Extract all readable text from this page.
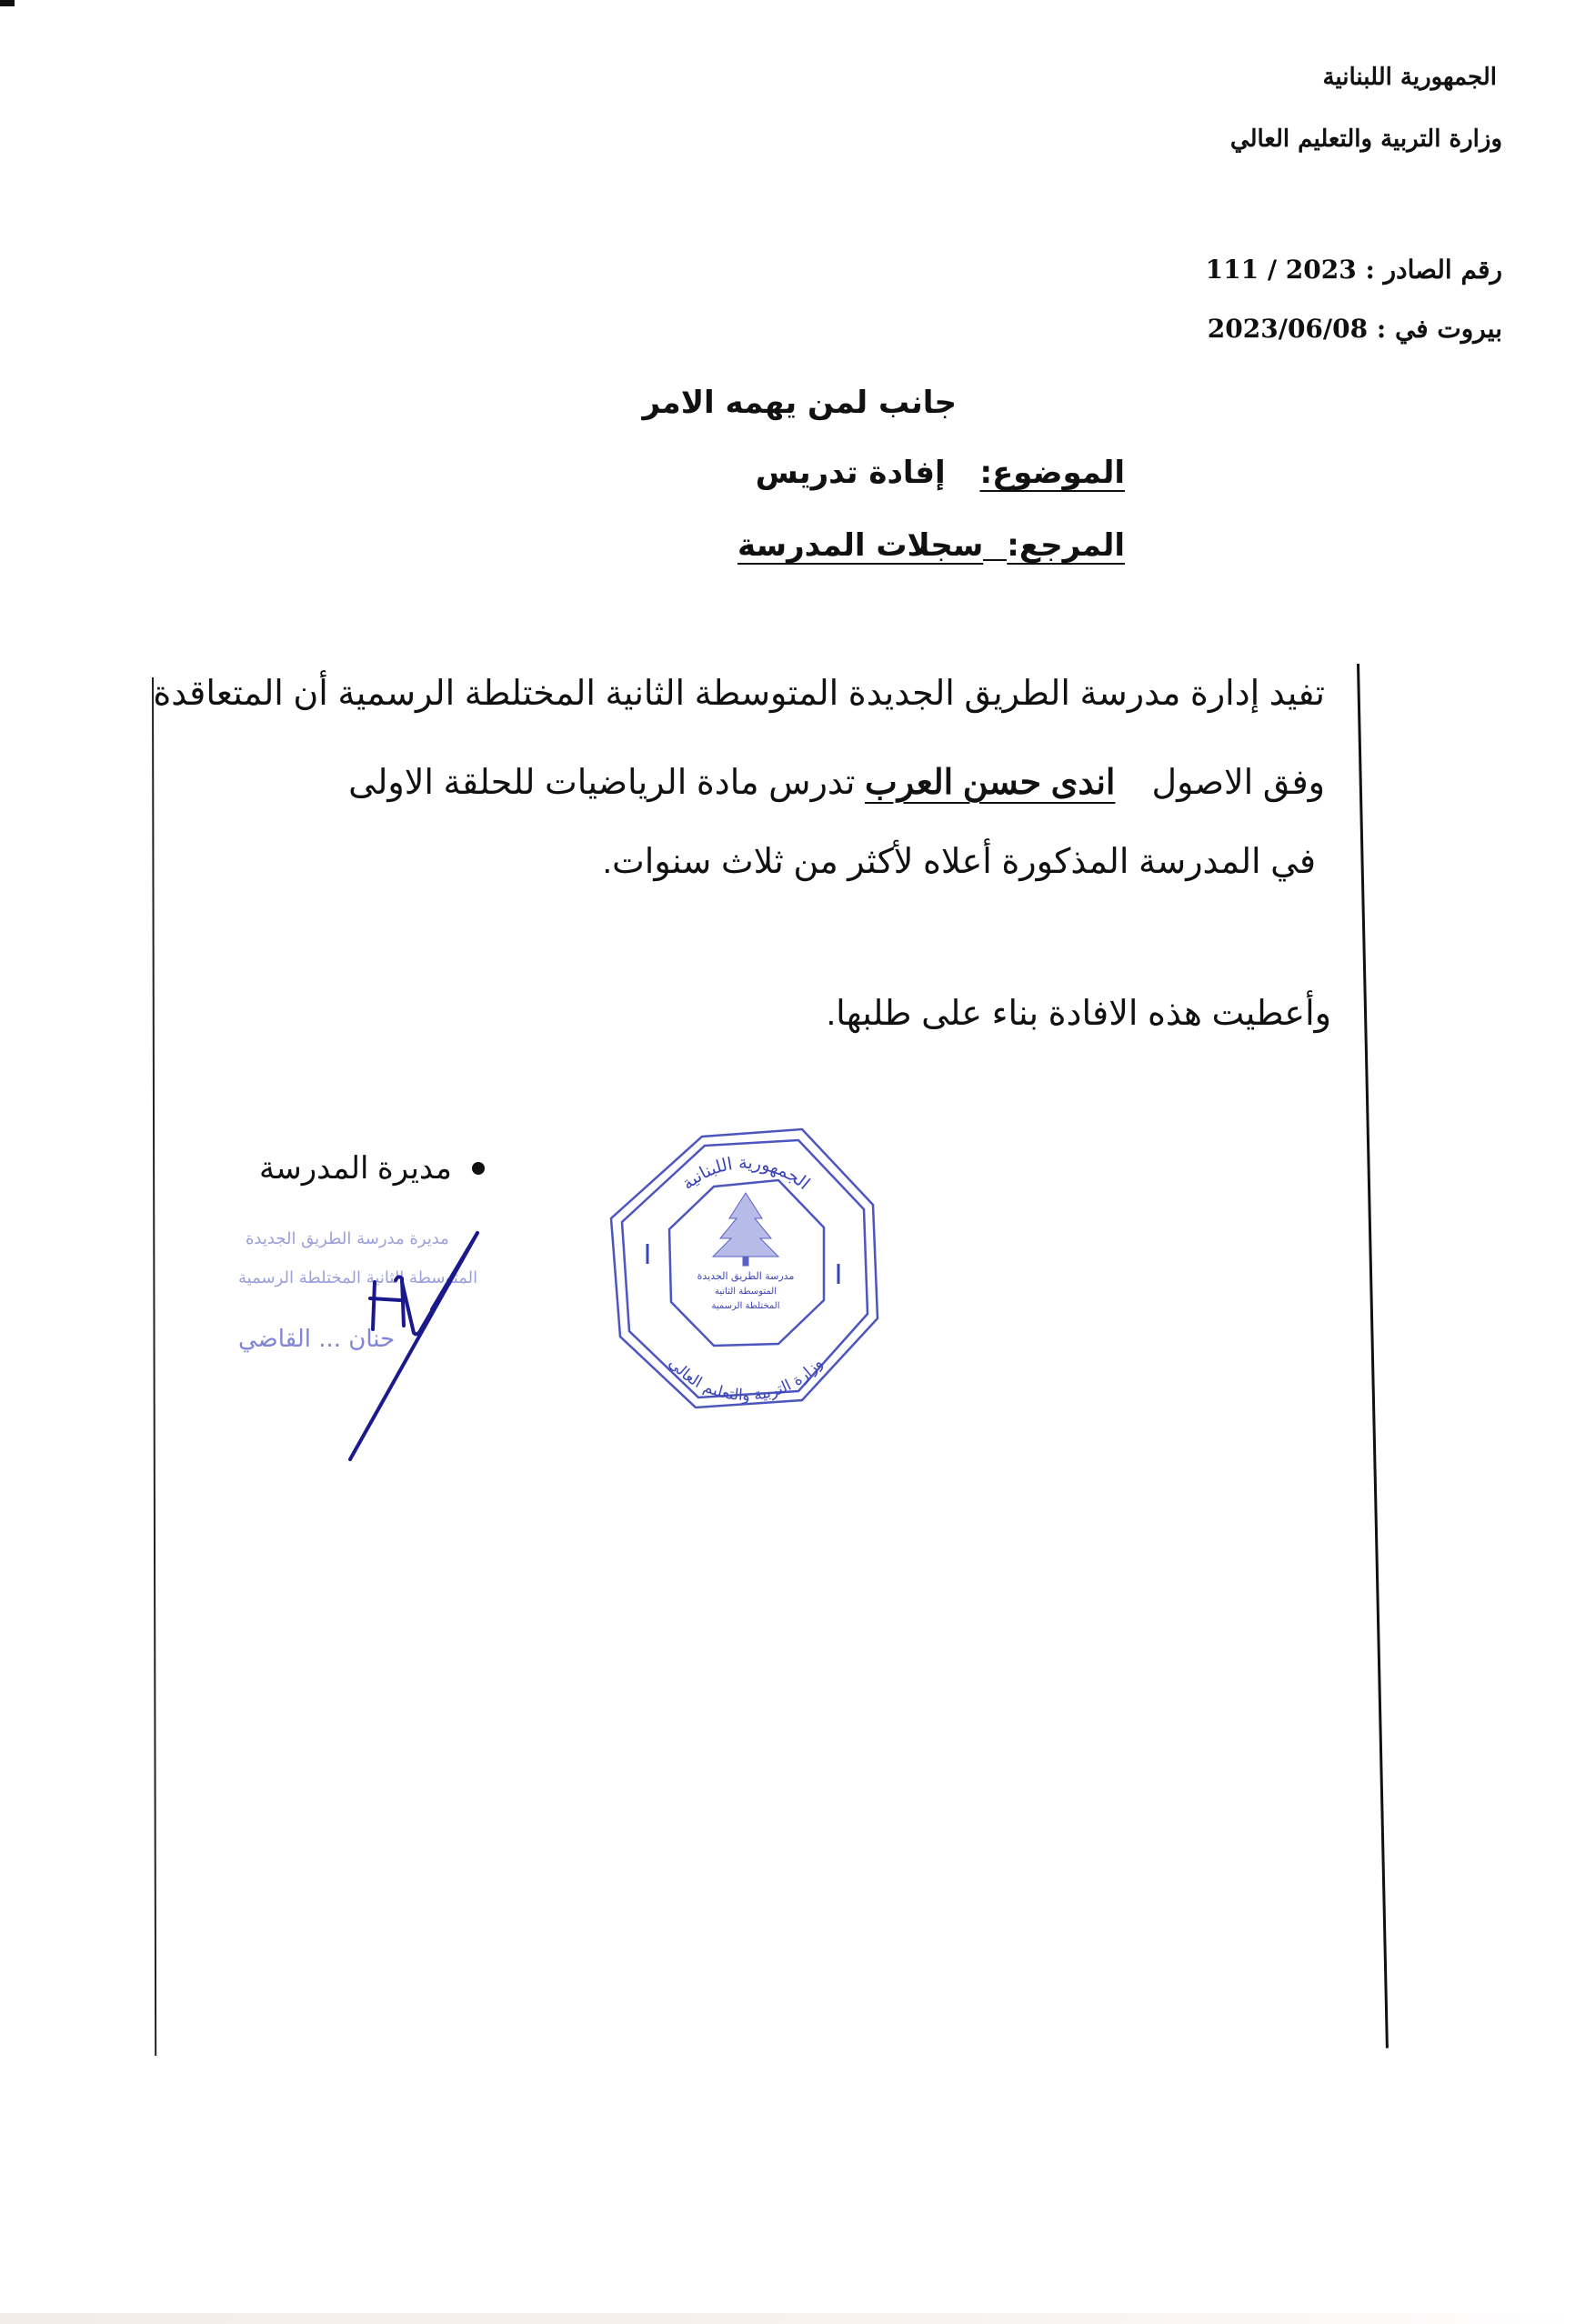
الجمهورية اللبنانية
وزارة التربية والتعليم العالي
رقم الصادر : 111 / 2023
بيروت في : 2023/06/08
جانب لمن يهمه الامر
الموضوع: إفادة تدريس
المرجع:سجلات المدرسة
تفيد إدارة مدرسة الطريق الجديدة المتوسطة الثانية المختلطة الرسمية أن المتعاقدة
وفق الاصولاندى حسن العرب تدرس مادة الرياضيات للحلقة الاولى
في المدرسة المذكورة أعلاه لأكثر من ثلاث سنوات.
وأعطيت هذه الافادة بناء على طلبها.
مديرة المدرسة
مديرة مدرسة الطريق الجديدة
المتوسطة الثانية المختلطة الرسمية
حنان ... القاضي
الجمهورية اللبنانية
وزارة التربية والتعليم العالي
مدرسة الطريق الجديدة
المتوسطة الثانية
المختلطة الرسمية
